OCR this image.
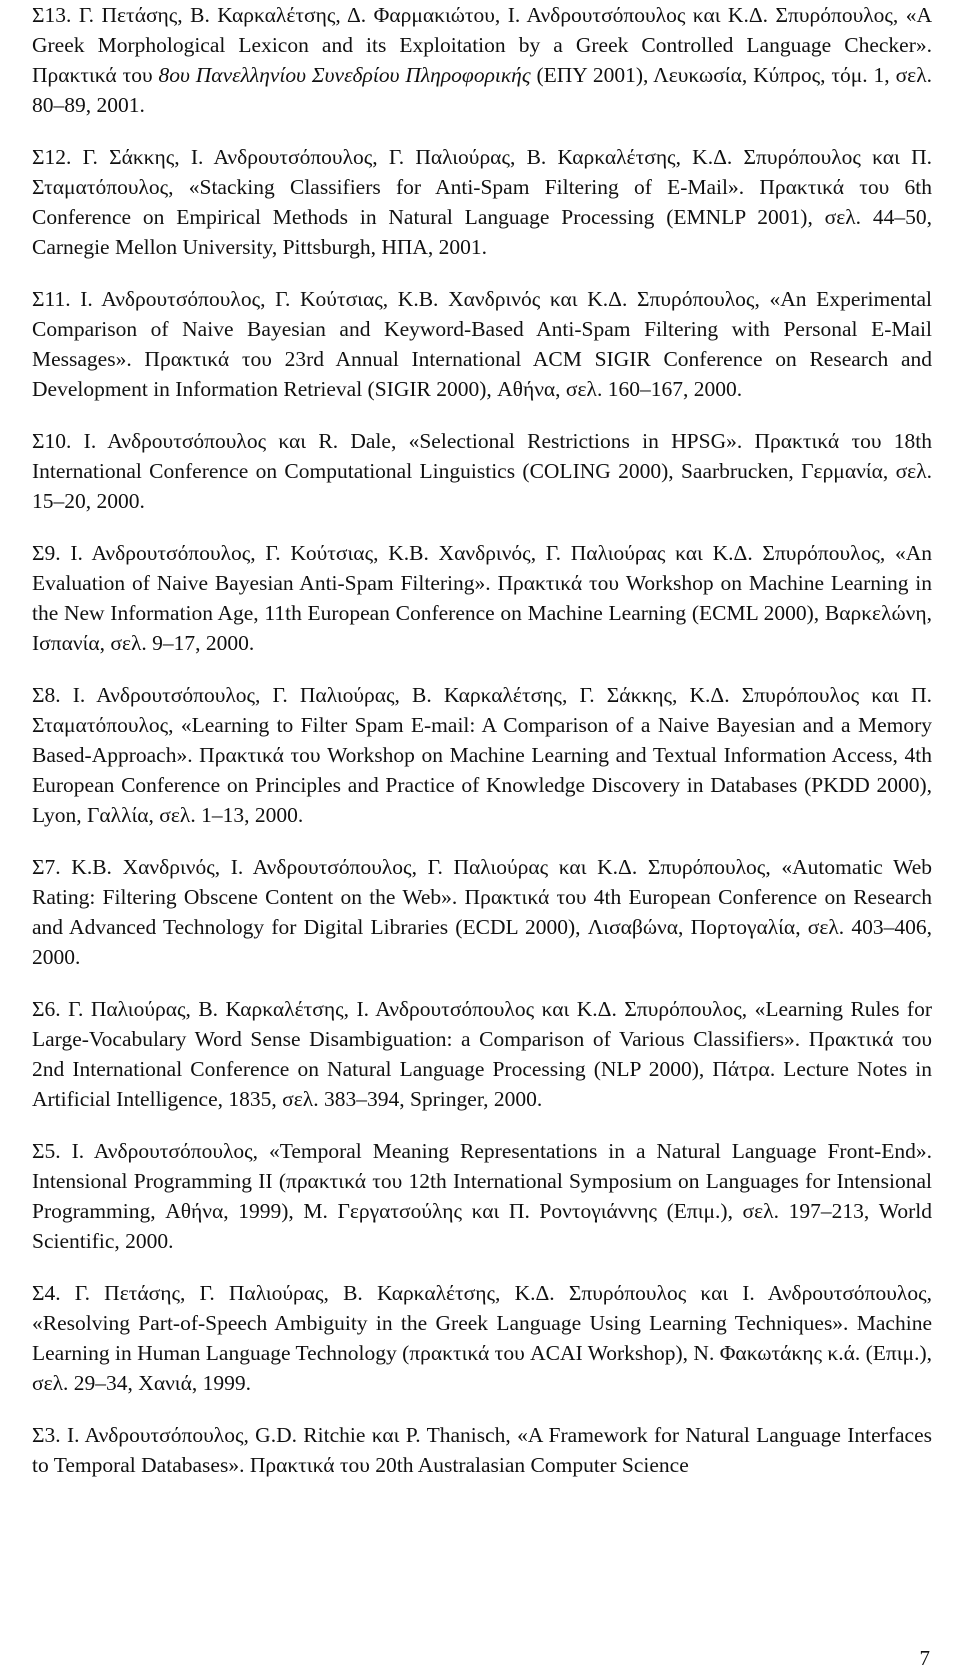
Σ13. Γ. Πετάσης, Β. Καρκαλέτσης, Δ. Φαρμακιώτου, Ι. Ανδρουτσόπουλος και Κ.Δ. Σπυρόπουλος, «A Greek Morphological Lexicon and its Exploitation by a Greek Controlled Language Checker». Πρακτικά του 8ου Πανελληνίου Συνεδρίου Πληροφορικής (ΕΠΥ 2001), Λευκωσία, Κύπρος, τόμ. 1, σελ. 80–89, 2001.

Σ12. Γ. Σάκκης, Ι. Ανδρουτσόπουλος, Γ. Παλιούρας, Β. Καρκαλέτσης, Κ.Δ. Σπυρόπουλος και Π. Σταματόπουλος, «Stacking Classifiers for Anti-Spam Filtering of E-Mail». Πρακτικά του 6th Conference on Empirical Methods in Natural Language Processing (EMNLP 2001), σελ. 44–50, Carnegie Mellon University, Pittsburgh, ΗΠΑ, 2001.

Σ11. Ι. Ανδρουτσόπουλος, Γ. Κούτσιας, Κ.Β. Χανδρινός και Κ.Δ. Σπυρόπουλος, «An Experimental Comparison of Naive Bayesian and Keyword-Based Anti-Spam Filtering with Personal E-Mail Messages». Πρακτικά του 23rd Annual International ACM SIGIR Conference on Research and Development in Information Retrieval (SIGIR 2000), Αθήνα, σελ. 160–167, 2000.

Σ10. Ι. Ανδρουτσόπουλος και R. Dale, «Selectional Restrictions in HPSG». Πρακτικά του 18th International Conference on Computational Linguistics (COLING 2000), Saarbrucken, Γερμανία, σελ. 15–20, 2000.

Σ9. Ι. Ανδρουτσόπουλος, Γ. Κούτσιας, Κ.Β. Χανδρινός, Γ. Παλιούρας και Κ.Δ. Σπυρόπουλος, «An Evaluation of Naive Bayesian Anti-Spam Filtering». Πρακτικά του Workshop on Machine Learning in the New Information Age, 11th European Conference on Machine Learning (ECML 2000), Βαρκελώνη, Ισπανία, σελ. 9–17, 2000.

Σ8. Ι. Ανδρουτσόπουλος, Γ. Παλιούρας, Β. Καρκαλέτσης, Γ. Σάκκης, Κ.Δ. Σπυρόπουλος και Π. Σταματόπουλος, «Learning to Filter Spam E-mail: A Comparison of a Naive Bayesian and a Memory Based-Approach». Πρακτικά του Workshop on Machine Learning and Textual Information Access, 4th European Conference on Principles and Practice of Knowledge Discovery in Databases (PKDD 2000), Lyon, Γαλλία, σελ. 1–13, 2000.

Σ7. Κ.Β. Χανδρινός, Ι. Ανδρουτσόπουλος, Γ. Παλιούρας και Κ.Δ. Σπυρόπουλος, «Automatic Web Rating: Filtering Obscene Content on the Web». Πρακτικά του 4th European Conference on Research and Advanced Technology for Digital Libraries (ECDL 2000), Λισαβώνα, Πορτογαλία, σελ. 403–406, 2000.

Σ6. Γ. Παλιούρας, Β. Καρκαλέτσης, Ι. Ανδρουτσόπουλος και Κ.Δ. Σπυρόπουλος, «Learning Rules for Large-Vocabulary Word Sense Disambiguation: a Comparison of Various Classifiers». Πρακτικά του 2nd International Conference on Natural Language Processing (NLP 2000), Πάτρα. Lecture Notes in Artificial Intelligence, 1835, σελ. 383–394, Springer, 2000.

Σ5. Ι. Ανδρουτσόπουλος, «Temporal Meaning Representations in a Natural Language Front-End». Intensional Programming II (πρακτικά του 12th International Symposium on Languages for Intensional Programming, Αθήνα, 1999), Μ. Γεργατσούλης και Π. Ροντογιάννης (Επιμ.), σελ. 197–213, World Scientific, 2000.

Σ4. Γ. Πετάσης, Γ. Παλιούρας, Β. Καρκαλέτσης, Κ.Δ. Σπυρόπουλος και Ι. Ανδρουτσόπουλος, «Resolving Part-of-Speech Ambiguity in the Greek Language Using Learning Techniques». Machine Learning in Human Language Technology (πρακτικά του ACAI Workshop), Ν. Φακωτάκης κ.ά. (Επιμ.), σελ. 29–34, Χανιά, 1999.

Σ3. Ι. Ανδρουτσόπουλος, G.D. Ritchie και P. Thanisch, «A Framework for Natural Language Interfaces to Temporal Databases». Πρακτικά του 20th Australasian Computer Science

7
